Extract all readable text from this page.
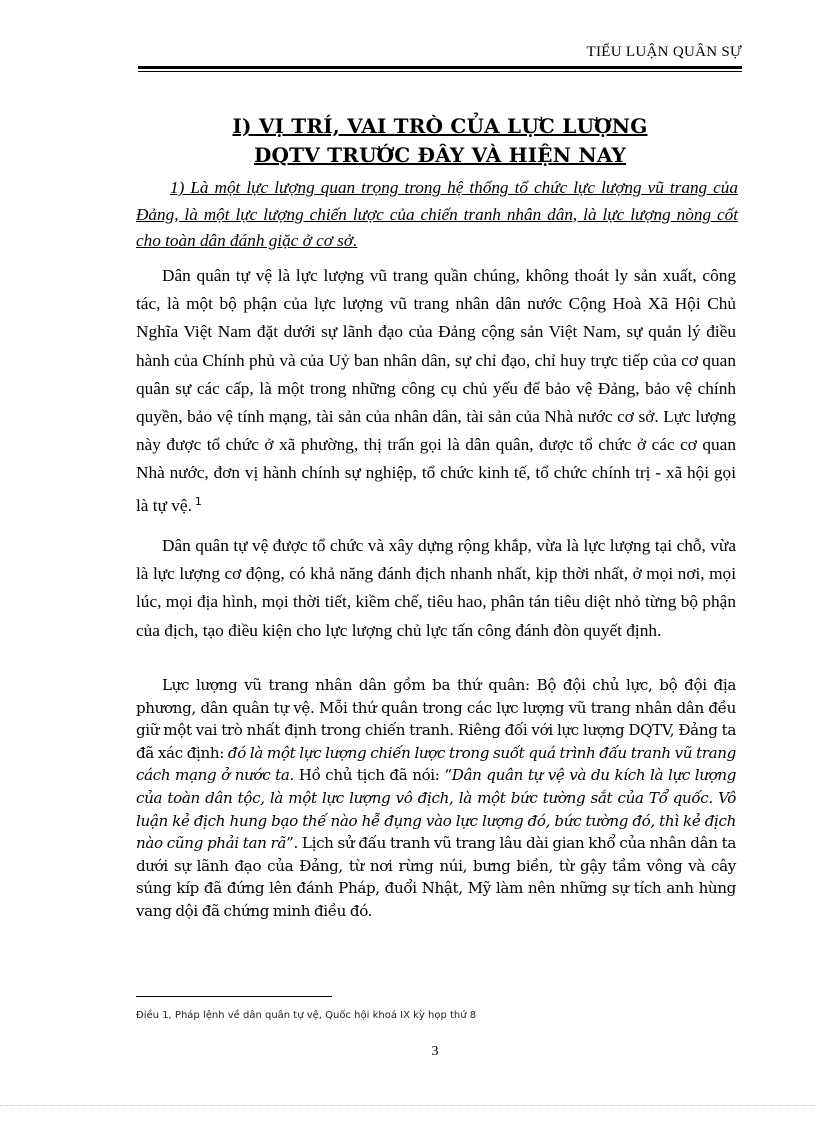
TIỂU LUẬN QUÂN SỰ
I) VỊ TRÍ, VAI TRÒ CỦA LỰC LƯỢNG
DQTV TRƯỚC ĐÂY VÀ HIỆN NAY
1) Là một lực lượng quan trọng trong hệ thống tổ chức lực lượng vũ trang của Đảng, là một lực lượng chiến lược của chiến tranh nhân dân, là lực lượng nòng cốt cho toàn dân đánh giặc ở cơ sở.

Dân quân tự vệ là lực lượng vũ trang quần chúng, không thoát ly sản xuất, công tác, là một bộ phận của lực lượng vũ trang nhân dân nước Cộng Hoà Xã Hội Chủ Nghĩa Việt Nam đặt dưới sự lãnh đạo của Đảng cộng sản Việt Nam, sự quản lý điều hành của Chính phủ và của Uỷ ban nhân dân, sự chỉ đạo, chỉ huy trực tiếp của cơ quan quân sự các cấp, là một trong những công cụ chủ yếu để bảo vệ Đảng, bảo vệ chính quyền, bảo vệ tính mạng, tài sản của nhân dân, tài sản của Nhà nước cơ sở. Lực lượng này được tổ chức ở xã phường, thị trấn gọi là dân quân, được tổ chức ở các cơ quan Nhà nước, đơn vị hành chính sự nghiệp, tổ chức kinh tế, tổ chức chính trị - xã hội gọi là tự vệ. $^1$

Dân quân tự vệ được tổ chức và xây dựng rộng khắp, vừa là lực lượng tại chỗ, vừa là lực lượng cơ động, có khả năng đánh địch nhanh nhất, kịp thời nhất, ở mọi nơi, mọi lúc, mọi địa hình, mọi thời tiết, kiềm chế, tiêu hao, phân tán tiêu diệt nhỏ từng bộ phận của địch, tạo điều kiện cho lực lượng chủ lực tấn công đánh đòn quyết định.

Lực lượng vũ trang nhân dân gồm ba thứ quân: Bộ đội chủ lực, bộ đội địa phương, dân quân tự vệ. Mỗi thứ quân trong các lực lượng vũ trang nhân dân đều giữ một vai trò nhất định trong chiến tranh. Riêng đối với lực lượng DQTV, Đảng ta đã xác định: đó là một lực lượng chiến lược trong suốt quá trình đấu tranh vũ trang cách mạng ở nước ta. Hồ chủ tịch đã nói: “Dân quân tự vệ và du kích là lực lượng của toàn dân tộc, là một lực lượng vô địch, là một bức tường sắt của Tổ quốc. Vô luận kẻ địch hung bạo thế nào hễ đụng vào lực lượng đó, bức tường đó, thì kẻ địch nào cũng phải tan rã”. Lịch sử đấu tranh vũ trang lâu dài gian khổ của nhân dân ta dưới sự lãnh đạo của Đảng, từ nơi rừng núi, bưng biền, từ gậy tầm vông và cây súng kíp đã đứng lên đánh Pháp, đuổi Nhật, Mỹ làm nên những sự tích anh hùng vang dội đã chứng minh điều đó.

Điều 1, Pháp lệnh về dân quân tự vệ, Quốc hội khoá IX kỳ họp thứ 8
3
